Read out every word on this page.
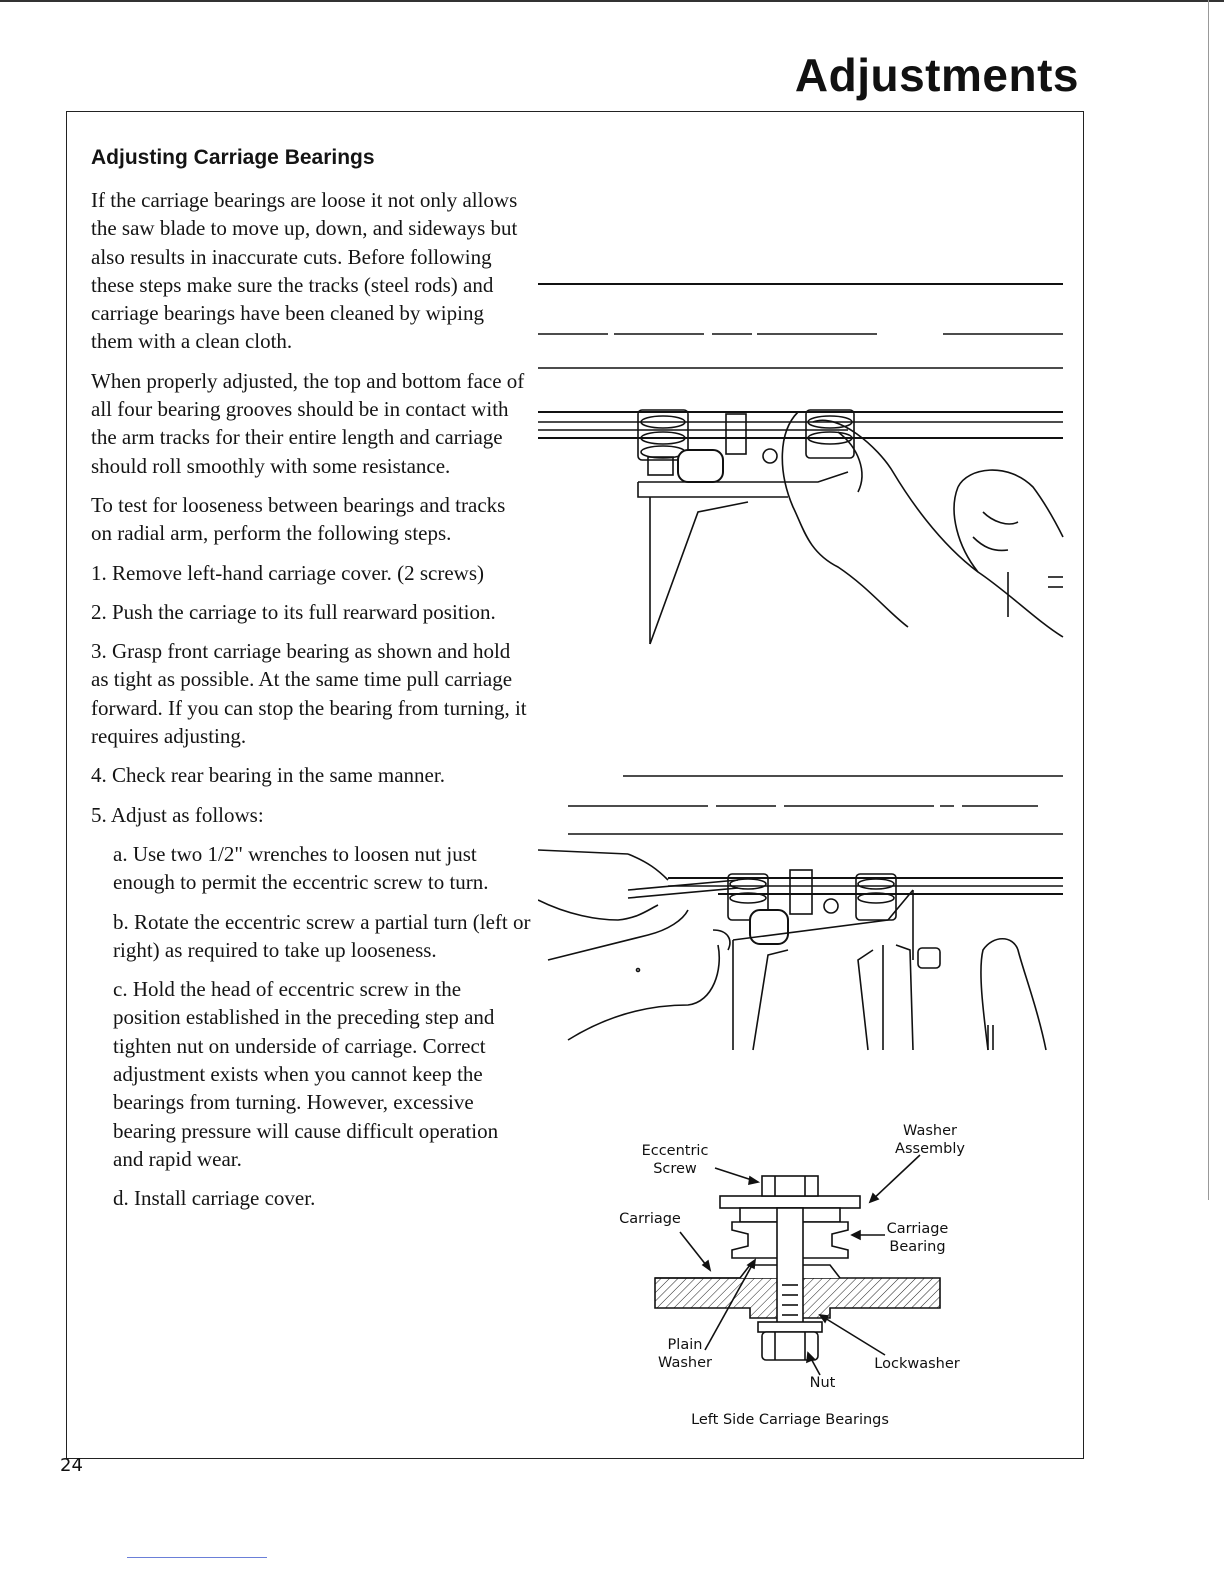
Adjustments
Adjusting Carriage Bearings

If the carriage bearings are loose it not only allows the saw blade to move up, down, and sideways but also results in inaccurate cuts. Before following these steps make sure the tracks (steel rods) and carriage bearings have been cleaned by wiping them with a clean cloth.

When properly adjusted, the top and bottom face of all four bearing grooves should be in contact with the arm tracks for their entire length and carriage should roll smoothly with some resistance.

To test for looseness between bearings and tracks on radial arm, perform the following steps.

1. Remove left-hand carriage cover. (2 screws)

2. Push the carriage to its full rearward position.

3. Grasp front carriage bearing as shown and hold as tight as possible. At the same time pull carriage forward. If you can stop the bearing from turning, it requires adjusting.

4. Check rear bearing in the same manner.

5. Adjust as follows:

a. Use two 1/2" wrenches to loosen nut just enough to permit the eccentric screw to turn.

b. Rotate the eccentric screw a partial turn (left or right) as required to take up looseness.

c. Hold the head of eccentric screw in the position established in the preceding step and tighten nut on underside of carriage. Correct adjustment exists when you cannot keep the bearings from turning. However, excessive bearing pressure will cause difficult operation and rapid wear.

d. Install carriage cover.

Eccentric
Screw
Washer
Assembly
Carriage
Carriage
Bearing
Plain
Washer	Lockwasher
Nut
Left Side Carriage Bearings
24
